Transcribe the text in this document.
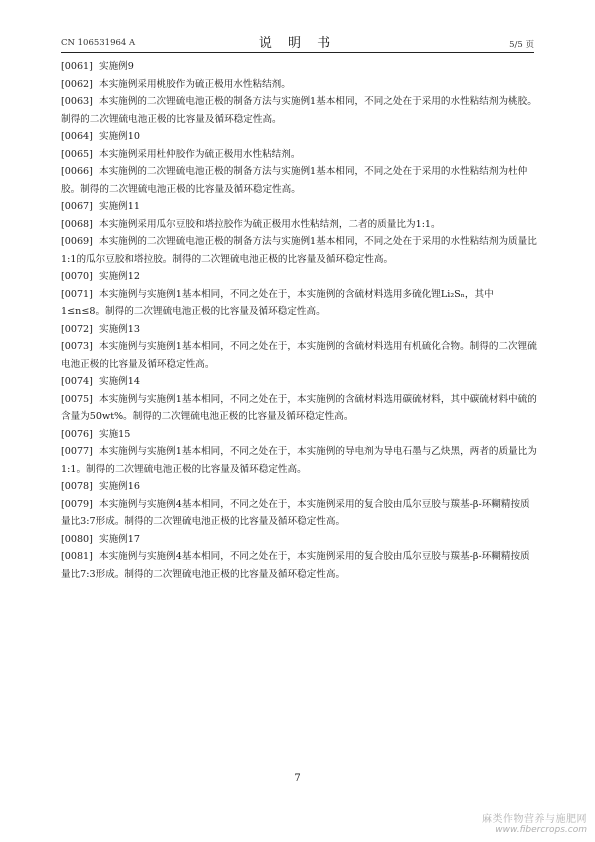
CN 106531964 A	说 明 书	5/5 页

[0061] 实施例9

[0062] 本实施例采用桃胶作为硫正极用水性粘结剂。

[0063] 本实施例的二次锂硫电池正极的制备方法与实施例1基本相同，不同之处在于采用的水性粘结剂为桃胶。制得的二次锂硫电池正极的比容量及循环稳定性高。

[0064] 实施例10

[0065] 本实施例采用杜仲胶作为硫正极用水性粘结剂。

[0066] 本实施例的二次锂硫电池正极的制备方法与实施例1基本相同，不同之处在于采用的水性粘结剂为杜仲胶。制得的二次锂硫电池正极的比容量及循环稳定性高。

[0067] 实施例11

[0068] 本实施例采用瓜尔豆胶和塔拉胶作为硫正极用水性粘结剂，二者的质量比为1:1。

[0069] 本实施例的二次锂硫电池正极的制备方法与实施例1基本相同，不同之处在于采用的水性粘结剂为质量比1:1的瓜尔豆胶和塔拉胶。制得的二次锂硫电池正极的比容量及循环稳定性高。

[0070] 实施例12

[0071] 本实施例与实施例1基本相同，不同之处在于，本实施例的含硫材料选用多硫化锂Li₂Sₙ，其中1≤n≤8。制得的二次锂硫电池正极的比容量及循环稳定性高。

[0072] 实施例13

[0073] 本实施例与实施例1基本相同，不同之处在于，本实施例的含硫材料选用有机硫化合物。制得的二次锂硫电池正极的比容量及循环稳定性高。

[0074] 实施例14

[0075] 本实施例与实施例1基本相同，不同之处在于，本实施例的含硫材料选用碳硫材料，其中碳硫材料中硫的含量为50wt%。制得的二次锂硫电池正极的比容量及循环稳定性高。

[0076] 实施15

[0077] 本实施例与实施例1基本相同，不同之处在于，本实施例的导电剂为导电石墨与乙炔黑，两者的质量比为1:1。制得的二次锂硫电池正极的比容量及循环稳定性高。

[0078] 实施例16

[0079] 本实施例与实施例4基本相同，不同之处在于，本实施例采用的复合胶由瓜尔豆胶与羰基-β-环糊精按质量比3:7形成。制得的二次锂硫电池正极的比容量及循环稳定性高。

[0080] 实施例17

[0081] 本实施例与实施例4基本相同，不同之处在于，本实施例采用的复合胶由瓜尔豆胶与羰基-β-环糊精按质量比7:3形成。制得的二次锂硫电池正极的比容量及循环稳定性高。

7
麻类作物营养与施肥网
www.fibercrops.com
